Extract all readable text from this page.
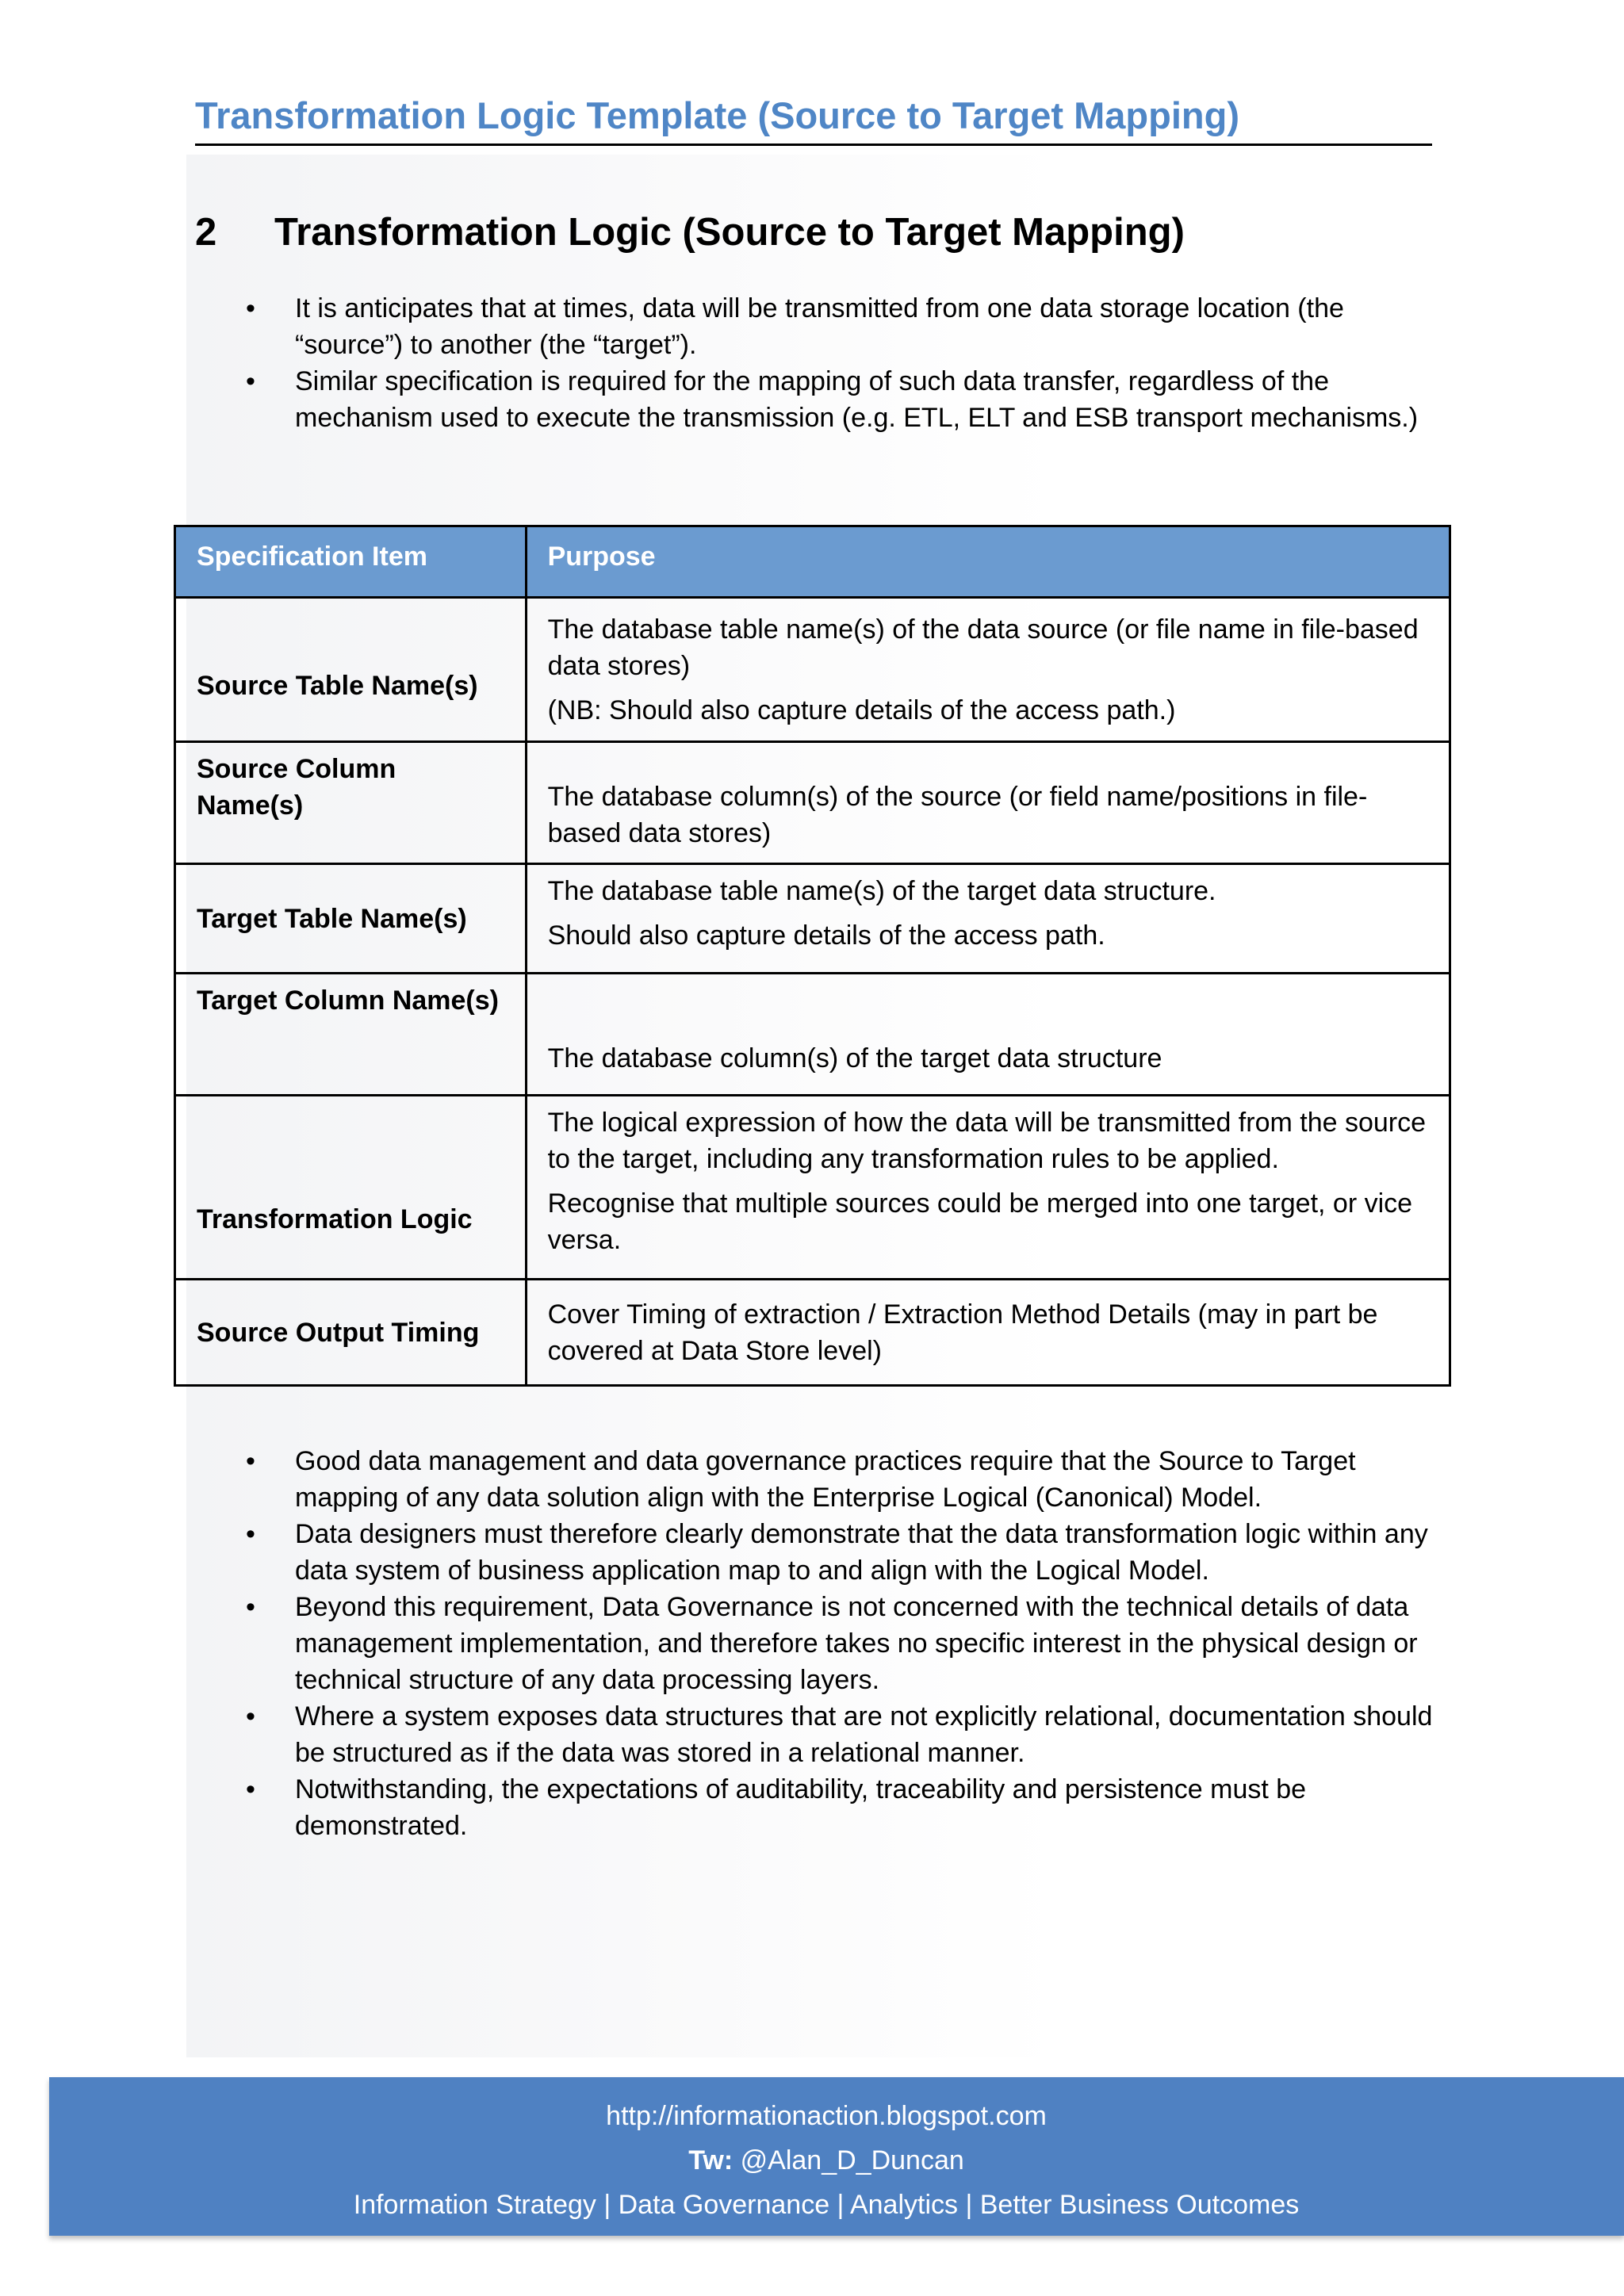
Transformation Logic Template (Source to Target Mapping)
2 Transformation Logic (Source to Target Mapping)
• It is anticipates that at times, data will be transmitted from one data storage location (the “source”) to another (the “target”).
• Similar specification is required for the mapping of such data transfer, regardless of the mechanism used to execute the transmission (e.g. ETL, ELT and ESB transport mechanisms.)
Specification Item	Purpose
Source Table Name(s)	The database table name(s) of the data source (or file name in file-based data stores)

(NB: Should also capture details of the access path.)

Source Column Name(s)	The database column(s) of the source (or field name/positions in file-based data stores)

Target Table Name(s)	The database table name(s) of the target data structure.

Should also capture details of the access path.

Target Column Name(s)	The database column(s) of the target data structure

Transformation Logic	The logical expression of how the data will be transmitted from the source to the target, including any transformation rules to be applied.

Recognise that multiple sources could be merged into one target, or vice versa.

Source Output Timing	Cover Timing of extraction / Extraction Method Details (may in part be covered at Data Store level)

• Good data management and data governance practices require that the Source to Target mapping of any data solution align with the Enterprise Logical (Canonical) Model.
• Data designers must therefore clearly demonstrate that the data transformation logic within any data system of business application map to and align with the Logical Model.
• Beyond this requirement, Data Governance is not concerned with the technical details of data management implementation, and therefore takes no specific interest in the physical design or technical structure of any data processing layers.
• Where a system exposes data structures that are not explicitly relational, documentation should be structured as if the data was stored in a relational manner.
• Notwithstanding, the expectations of auditability, traceability and persistence must be demonstrated.
http://informationaction.blogspot.com
Tw: @Alan_D_Duncan
Information Strategy | Data Governance | Analytics | Better Business Outcomes
